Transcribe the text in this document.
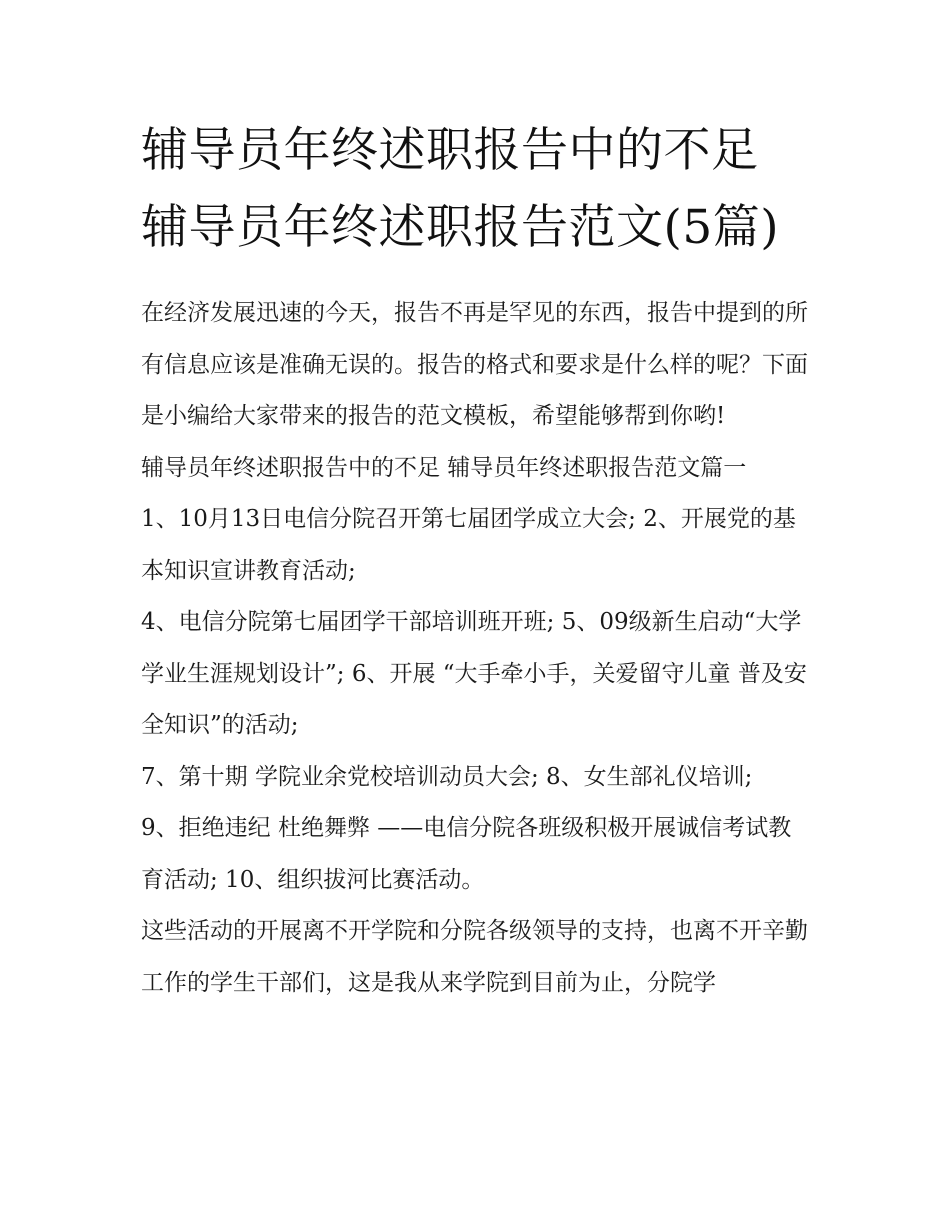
辅导员年终述职报告中的不足 辅导员年终述职报告范文(5篇)

在经济发展迅速的今天，报告不再是罕见的东西，报告中提到的所有信息应该是准确无误的。报告的格式和要求是什么样的呢？下面是小编给大家带来的报告的范文模板，希望能够帮到你哟!

辅导员年终述职报告中的不足 辅导员年终述职报告范文篇一

1、10月13日电信分院召开第七届团学成立大会; 2、开展党的基本知识宣讲教育活动;

4、电信分院第七届团学干部培训班开班; 5、09级新生启动“大学学业生涯规划设计”; 6、开展 “大手牵小手，关爱留守儿童 普及安全知识”的活动;

7、第十期 学院业余党校培训动员大会; 8、女生部礼仪培训;

9、拒绝违纪 杜绝舞弊 ——电信分院各班级积极开展诚信考试教育活动; 10、组织拔河比赛活动。

这些活动的开展离不开学院和分院各级领导的支持，也离不开辛勤工作的学生干部们，这是我从来学院到目前为止，分院学
